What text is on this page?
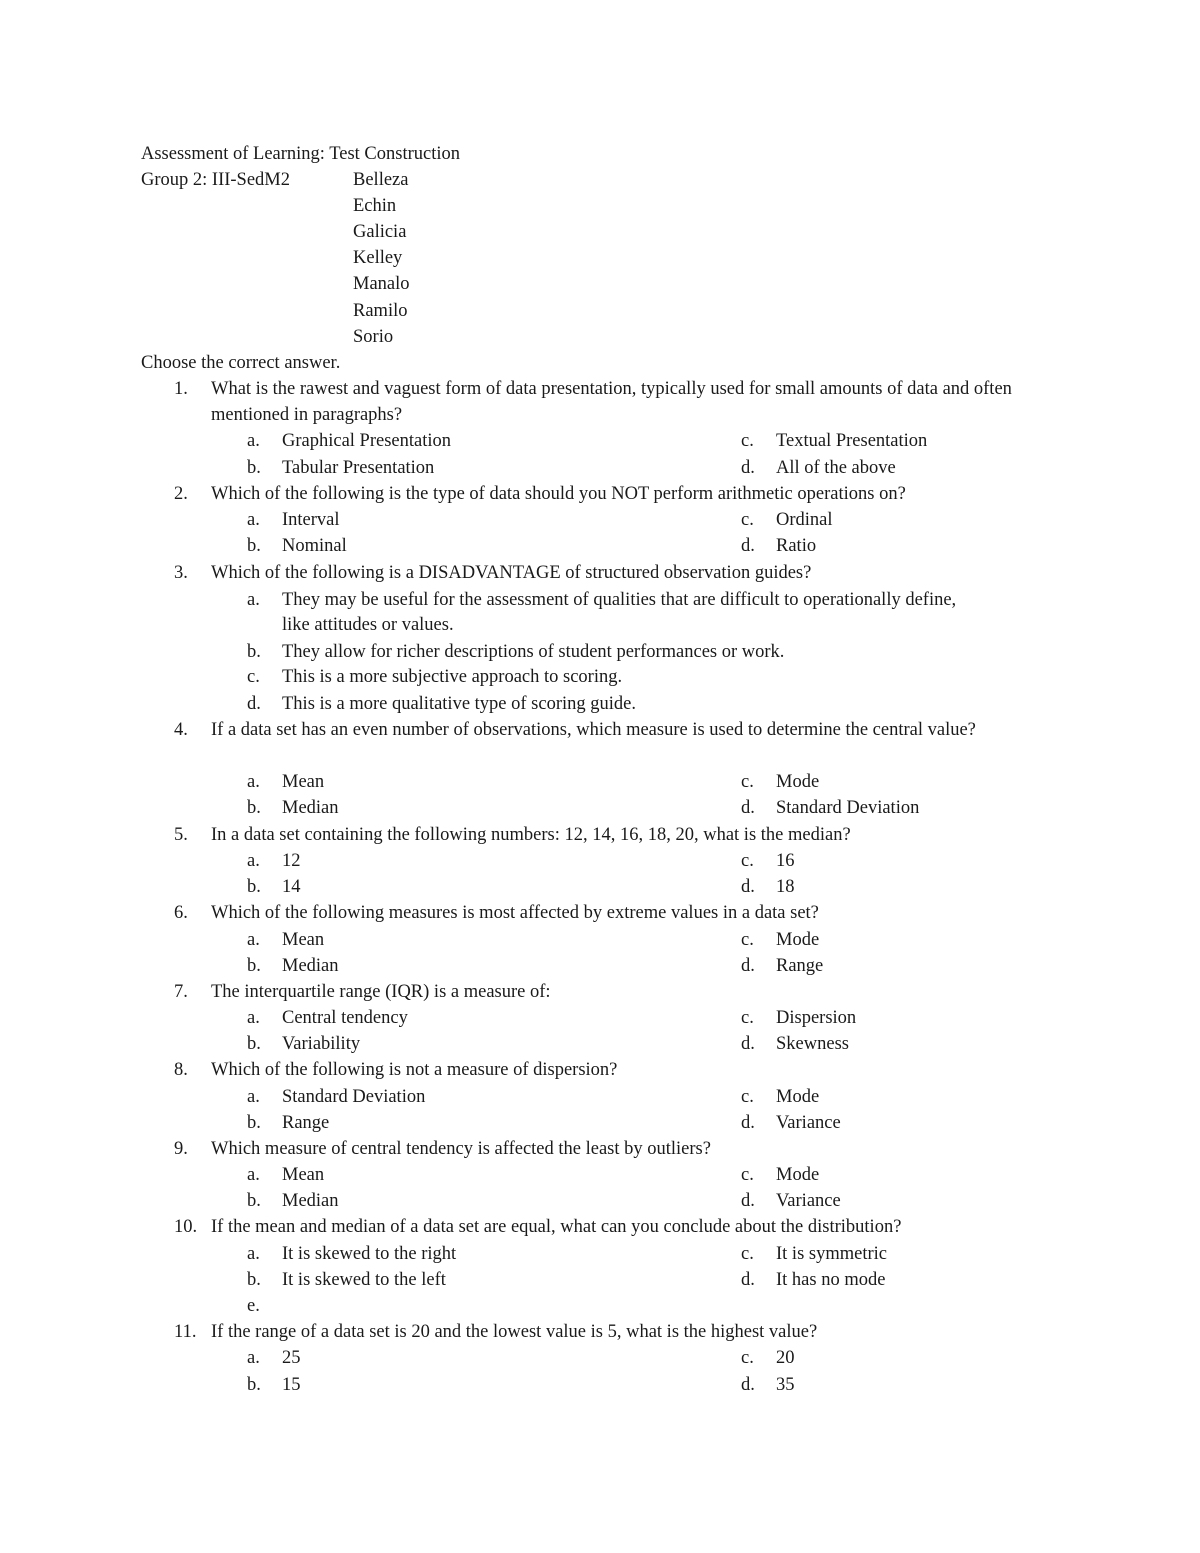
Assessment of Learning: Test Construction
Group 2: III-SedM2	Belleza
Echin
Galicia
Kelley
Manalo
Ramilo
Sorio
Choose the correct answer.
1.	What is the rawest and vaguest form of data presentation, typically used for small amounts of data and often mentioned in paragraphs?
a.	Graphical Presentation	c.	Textual Presentation
b.	Tabular Presentation	d.	All of the above
2.	Which of the following is the type of data should you NOT perform arithmetic operations on?
a.	Interval	c.	Ordinal
b.	Nominal	d.	Ratio
3.	Which of the following is a DISADVANTAGE of structured observation guides?
a.	They may be useful for the assessment of qualities that are difficult to operationally define,
like attitudes or values.
b.	They allow for richer descriptions of student performances or work.
c.	This is a more subjective approach to scoring.
d.	This is a more qualitative type of scoring guide.
4.	If a data set has an even number of observations, which measure is used to determine the central value?
a.	Mean	c.	Mode
b.	Median	d.	Standard Deviation
5.	In a data set containing the following numbers: 12, 14, 16, 18, 20, what is the median?
a.	12	c.	16
b.	14	d.	18
6.	Which of the following measures is most affected by extreme values in a data set?
a.	Mean	c.	Mode
b.	Median	d.	Range
7.	The interquartile range (IQR) is a measure of:
a.	Central tendency	c.	Dispersion
b.	Variability	d.	Skewness
8.	Which of the following is not a measure of dispersion?
a.	Standard Deviation	c.	Mode
b.	Range	d.	Variance
9.	Which measure of central tendency is affected the least by outliers?
a.	Mean	c.	Mode
b.	Median	d.	Variance
10. If the mean and median of a data set are equal, what can you conclude about the distribution?
a.	It is skewed to the right	c.	It is symmetric
b.	It is skewed to the left	d.	It has no mode
e.
11. If the range of a data set is 20 and the lowest value is 5, what is the highest value?
a.	25	c.	20
b.	15	d.	35
